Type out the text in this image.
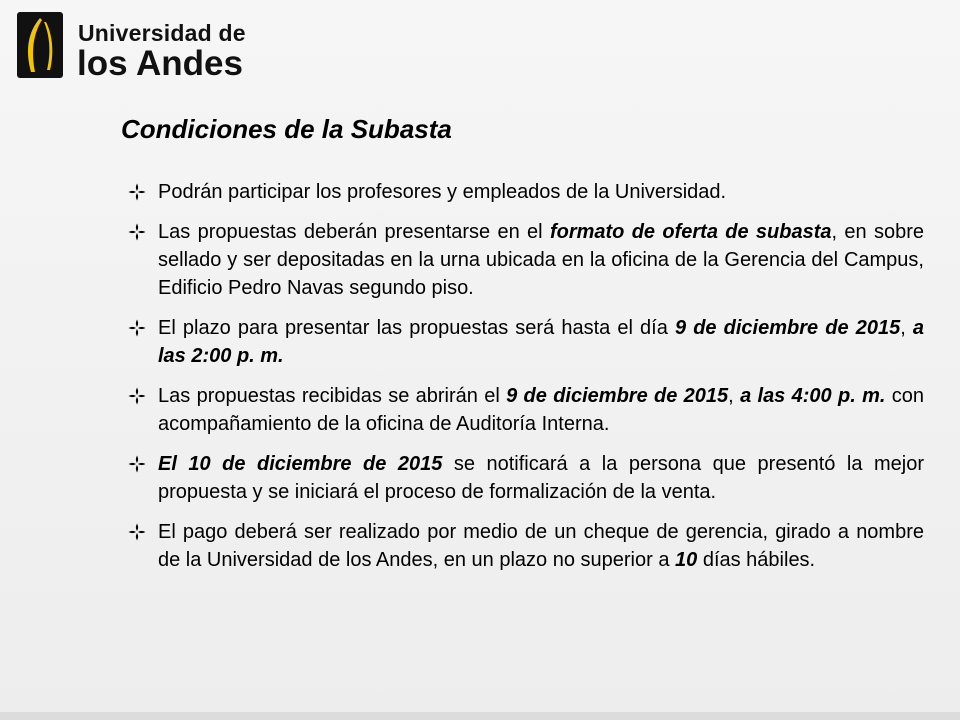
Universidad de
los Andes
Condiciones de la Subasta
Podrán participar los profesores y empleados de la Universidad.
Las propuestas deberán presentarse en el formato de oferta de subasta, en sobre sellado y ser depositadas en la urna ubicada en la oficina de la Gerencia del Campus, Edificio Pedro Navas segundo piso.
El plazo para presentar las propuestas será hasta el día 9 de diciembre de 2015, a las 2:00 p. m.
Las propuestas recibidas se abrirán el 9 de diciembre de 2015, a las 4:00 p. m. con acompañamiento de la oficina de Auditoría Interna.
El 10 de diciembre de 2015 se notificará a la persona que presentó la mejor propuesta y se iniciará el proceso de formalización de la venta.
El pago deberá ser realizado por medio de un cheque de gerencia, girado a nombre de la Universidad de los Andes, en un plazo no superior a 10 días hábiles.
